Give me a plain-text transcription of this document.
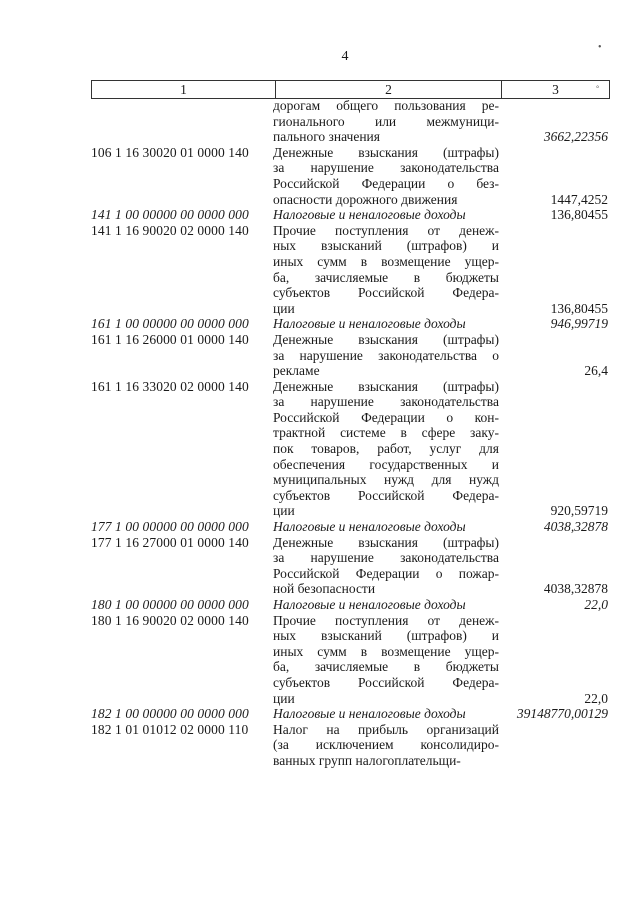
4
•
°
1	2	3
дорогам общего пользования ре-
гионального или межмуници-
пального значения	3662,22356
106 1 16 30020 01 0000 140	Денежные взыскания (штрафы)
за нарушение законодательства
Российской Федерации о без-
опасности дорожного движения	1447,4252
141 1 00 00000 00 0000 000	Налоговые и неналоговые доходы	136,80455
141 1 16 90020 02 0000 140	Прочие поступления от денеж-
ных взысканий (штрафов) и
иных сумм в возмещение ущер-
ба, зачисляемые в бюджеты
субъектов Российской Федера-
ции	136,80455
161 1 00 00000 00 0000 000	Налоговые и неналоговые доходы	946,99719
161 1 16 26000 01 0000 140	Денежные взыскания (штрафы)
за нарушение законодательства о
рекламе	26,4
161 1 16 33020 02 0000 140	Денежные взыскания (штрафы)
за нарушение законодательства
Российской Федерации о кон-
трактной системе в сфере заку-
пок товаров, работ, услуг для
обеспечения государственных и
муниципальных нужд для нужд
субъектов Российской Федера-
ции	920,59719
177 1 00 00000 00 0000 000	Налоговые и неналоговые доходы	4038,32878
177 1 16 27000 01 0000 140	Денежные взыскания (штрафы)
за нарушение законодательства
Российской Федерации о пожар-
ной безопасности	4038,32878
180 1 00 00000 00 0000 000	Налоговые и неналоговые доходы	22,0
180 1 16 90020 02 0000 140	Прочие поступления от денеж-
ных взысканий (штрафов) и
иных сумм в возмещение ущер-
ба, зачисляемые в бюджеты
субъектов Российской Федера-
ции	22,0
182 1 00 00000 00 0000 000	Налоговые и неналоговые доходы	39148770,00129
182 1 01 01012 02 0000 110	Налог на прибыль организаций
(за исключением консолидиро-
ванных групп налогоплательщи-
